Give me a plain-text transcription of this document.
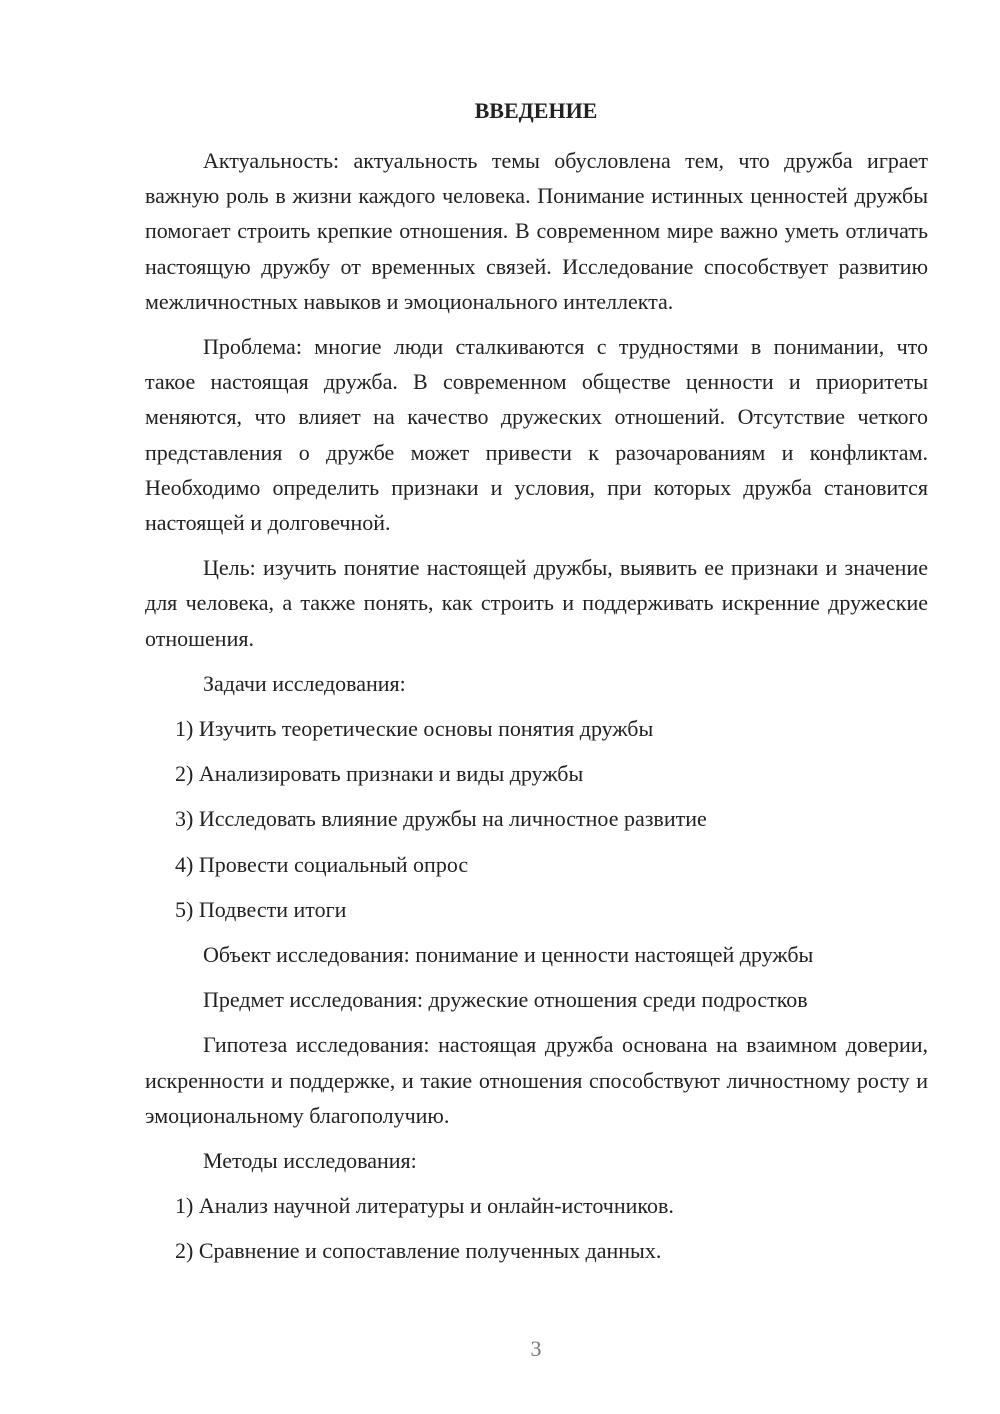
ВВЕДЕНИЕ

Актуальность: актуальность темы обусловлена тем, что дружба играет важную роль в жизни каждого человека. Понимание истинных ценностей дружбы помогает строить крепкие отношения. В современном мире важно уметь отличать настоящую дружбу от временных связей. Исследование способствует развитию межличностных навыков и эмоционального интеллекта.

Проблема: многие люди сталкиваются с трудностями в понимании, что такое настоящая дружба. В современном обществе ценности и приоритеты меняются, что влияет на качество дружеских отношений. Отсутствие четкого представления о дружбе может привести к разочарованиям и конфликтам. Необходимо определить признаки и условия, при которых дружба становится настоящей и долговечной.

Цель: изучить понятие настоящей дружбы, выявить ее признаки и значение для человека, а также понять, как строить и поддерживать искренние дружеские отношения.

Задачи исследования:

1) Изучить теоретические основы понятия дружбы

2) Анализировать признаки и виды дружбы

3) Исследовать влияние дружбы на личностное развитие

4) Провести социальный опрос

5) Подвести итоги

Объект исследования: понимание и ценности настоящей дружбы

Предмет исследования: дружеские отношения среди подростков

Гипотеза исследования: настоящая дружба основана на взаимном доверии, искренности и поддержке, и такие отношения способствуют личностному росту и эмоциональному благополучию.

Методы исследования:

1) Анализ научной литературы и онлайн-источников.

2) Сравнение и сопоставление полученных данных.

3
